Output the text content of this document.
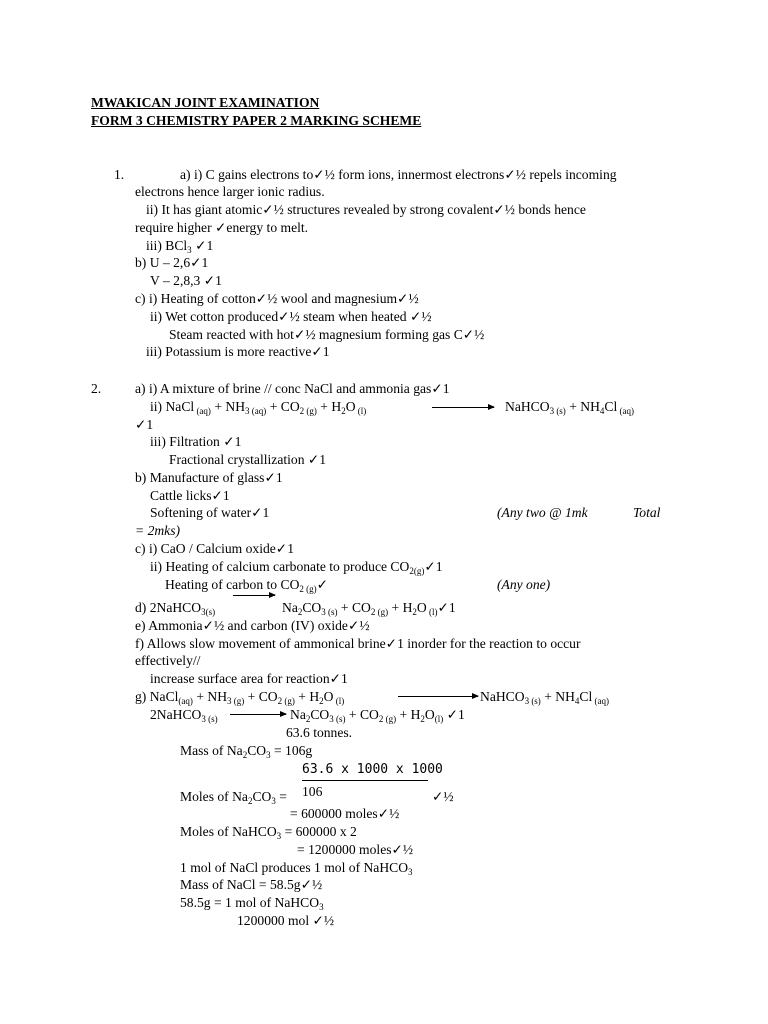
MWAKICAN JOINT EXAMINATION
FORM 3 CHEMISTRY PAPER 2 MARKING SCHEME
1.	a) i) C gains electrons to✓½ form ions, innermost electrons✓½ repels incoming
electrons hence larger ionic radius.
ii) It has giant atomic✓½ structures revealed by strong covalent✓½ bonds hence
require higher ✓energy to melt.
iii) BCl$_3$ ✓1
b) U – 2,6✓1
V – 2,8,3 ✓1
c) i) Heating of cotton✓½ wool and magnesium✓½
ii) Wet cotton produced✓½ steam when heated ✓½
Steam reacted with hot✓½ magnesium forming gas C✓½
iii) Potassium is more reactive✓1
2. a) i) A mixture of brine // conc NaCl and ammonia gas✓1
ii) NaCl $_{(aq)} + NH_{3 (aq)} + CO_{2 (g)} + H_2O$ $_{(l)}$	NaHCO$_{3 (s)}$ + $NH_4Cl$ $_{(aq)}$
✓1
iii) Filtration ✓1
Fractional crystallization ✓1
b) Manufacture of glass✓1
Cattle licks✓1
Softening of water✓1	(Any two @ 1mk	Total
= 2mks)
c) i) CaO / Calcium oxide✓1
ii) Heating of calcium carbonate to produce $CO_{2(g)}✓1$
Heating of carbon to $CO_{2 (g)}✓$	(Any one)
d) 2NaHCO$_{3(s)}$	$Na_2CO_{3 (s)} + CO_{2 (g)} + H_2O$ $_{(l)}$✓1
e) Ammonia✓½ and carbon (IV) oxide✓½
f) Allows slow movement of ammonical brine✓1 inorder for the reaction to occur
effectively//
increase surface area for reaction✓1
g) NaCl$_{(aq)}$ + $NH_{3 (g)} + CO_{2 (g)} + H_2O$ $_{(l)}$	NaHCO$_{3 (s)}$ + $NH_4Cl$ $_{(aq)}$
2NaHCO$_{3 (s)}$	$Na_2CO_{3 (s)} + CO_{2 (g)} + H_2O_{(l)}$ ✓1
63.6 tonnes.
Mass of $Na_2CO_3 = 106g$
63.6 x 1000 x 1000
Moles of $Na_2CO_3 = 106$	✓½
= 600000 moles✓½
Moles of NaHCO$_3$ = 600000 x 2
= 1200000 moles✓½
1 mol of NaCl produces 1 mol of NaHCO$_3$
Mass of NaCl = 58.5g✓½
58.5g = 1 mol of NaHCO$_3$
1200000 mol ✓½
